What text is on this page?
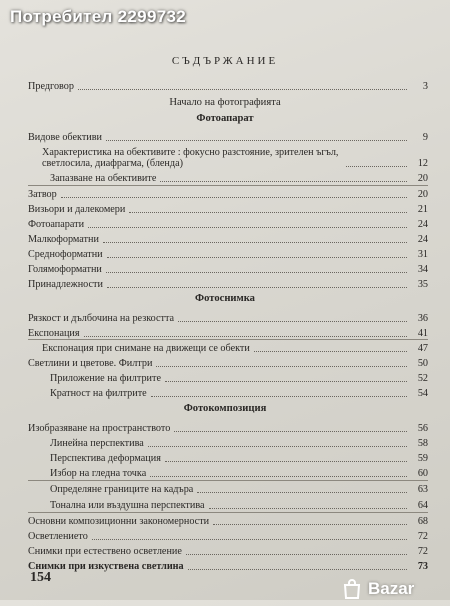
Потребител 2299732
СЪДЪРЖАНИЕ
Предговор	3
Начало на фотографията
Фотоапарат
Видове обективи	9
Характеристика на обективите : фокусно разстояние, зрителен ъгъл, светлосила, диафрагма, (бленда)	12
Запазване на обективите	20
Затвор	20
Визьори и далекомери	21
Фотоапарати	24
Малкоформатни	24
Среднoформатни	31
Голямоформатни	34
Принадлежности	35
Фотоснимка
Рязкост и дълбочина на резкостта	36
Експонация	41
Експонация при снимане на движещи се обекти	47
Светлини и цветове. Филтри	50
Приложение на филтрите	52
Кратност на филтрите	54
Фотокомпозиция
Изобразяване на пространството	56
Линейна перспектива	58
Перспектива деформация	59
Избор на гледна точка	60
Определяне границите на кадъра	63
Тонална или въздушна перспектива	64
Основни композиционни закономерности	68
Осветлението	72
Снимки при естествено осветление	72
Снимки при изкуствена светлина	73
154
Bazar
